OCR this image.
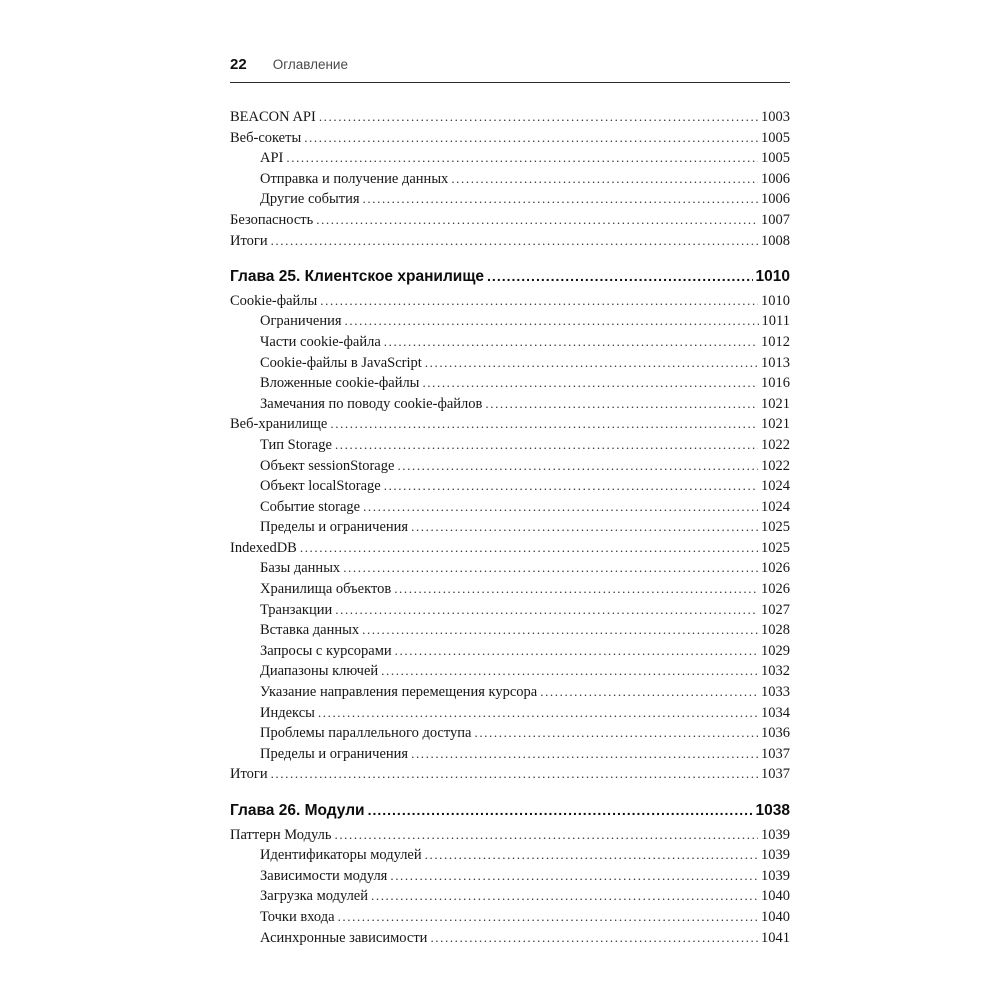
22 Оглавление
BEACON API .....	1003
Веб-сокеты .....	1005
API .....	1005
Отправка и получение данных .....	1006
Другие события .....	1006
Безопасность .....	1007
Итоги .....	1008
Глава 25. Клиентское хранилище .....	1010
Cookie-файлы .....	1010
Ограничения .....	1011
Части cookie-файла .....	1012
Cookie-файлы в JavaScript .....	1013
Вложенные cookie-файлы .....	1016
Замечания по поводу cookie-файлов .....	1021
Веб-хранилище .....	1021
Тип Storage .....	1022
Объект sessionStorage .....	1022
Объект localStorage .....	1024
Событие storage .....	1024
Пределы и ограничения .....	1025
IndexedDB .....	1025
Базы данных .....	1026
Хранилища объектов .....	1026
Транзакции .....	1027
Вставка данных .....	1028
Запросы с курсорами .....	1029
Диапазоны ключей .....	1032
Указание направления перемещения курсора .....	1033
Индексы .....	1034
Проблемы параллельного доступа .....	1036
Пределы и ограничения .....	1037
Итоги .....	1037
Глава 26. Модули .....	1038
Паттерн Модуль .....	1039
Идентификаторы модулей .....	1039
Зависимости модуля .....	1039
Загрузка модулей .....	1040
Точки входа .....	1040
Асинхронные зависимости .....	1041
